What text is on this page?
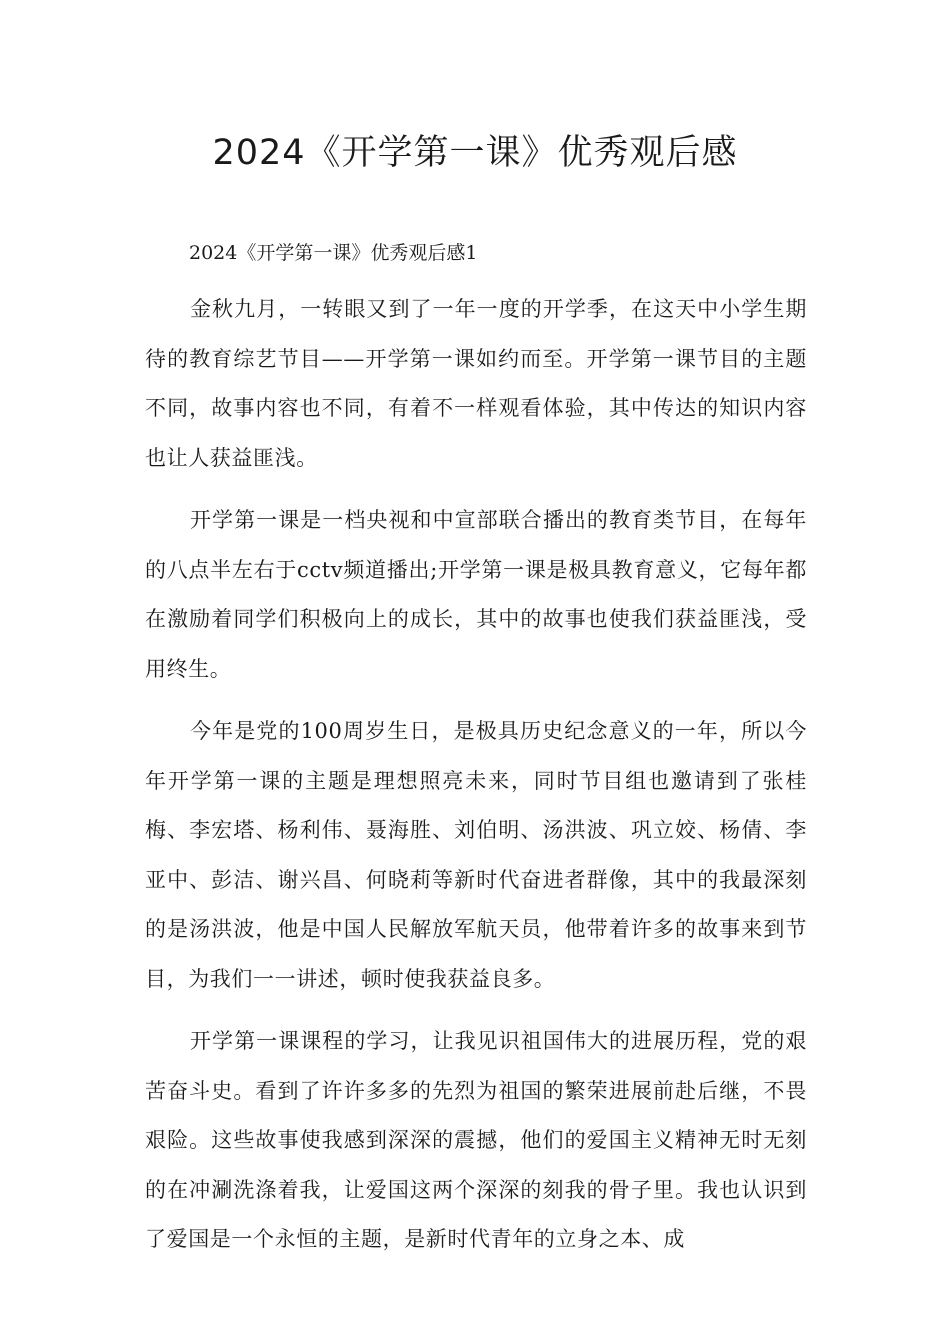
2024《开学第一课》优秀观后感

2024《开学第一课》优秀观后感1

金秋九月，一转眼又到了一年一度的开学季，在这天中小学生期待的教育综艺节目——开学第一课如约而至。开学第一课节目的主题不同，故事内容也不同，有着不一样观看体验，其中传达的知识内容也让人获益匪浅。

开学第一课是一档央视和中宣部联合播出的教育类节目，在每年的八点半左右于cctv频道播出;开学第一课是极具教育意义，它每年都在激励着同学们积极向上的成长，其中的故事也使我们获益匪浅，受用终生。

今年是党的100周岁生日，是极具历史纪念意义的一年，所以今年开学第一课的主题是理想照亮未来，同时节目组也邀请到了张桂梅、李宏塔、杨利伟、聂海胜、刘伯明、汤洪波、巩立姣、杨倩、李亚中、彭洁、谢兴昌、何晓莉等新时代奋进者群像，其中的我最深刻的是汤洪波，他是中国人民解放军航天员，他带着许多的故事来到节目，为我们一一讲述，顿时使我获益良多。

开学第一课课程的学习，让我见识祖国伟大的进展历程，党的艰苦奋斗史。看到了许许多多的先烈为祖国的繁荣进展前赴后继，不畏艰险。这些故事使我感到深深的震撼，他们的爱国主义精神无时无刻的在冲涮洗涤着我，让爱国这两个深深的刻我的骨子里。我也认识到了爱国是一个永恒的主题，是新时代青年的立身之本、成
